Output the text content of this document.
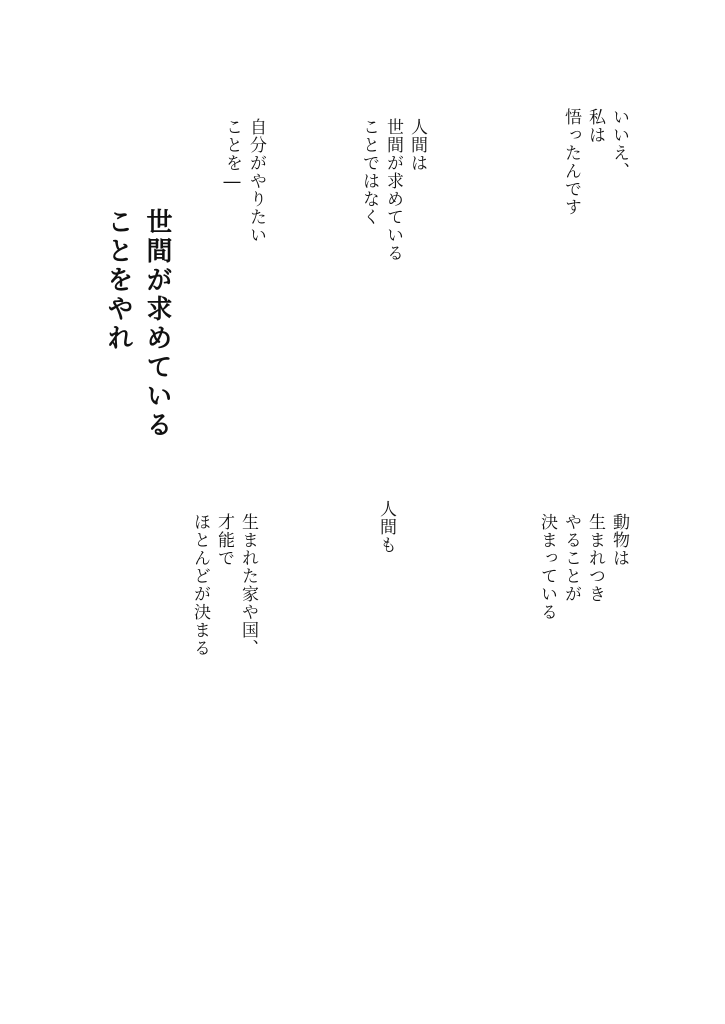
いいえ、
私は
悟ったんです
人間は
世間が求めている
ことではなく
自分がやりたい
ことを―
世間が求めている
ことをやれ
動物は
生まれつき
やることが
決まっている
人間も
生まれた家や国、
才能で
ほとんどが決まる
